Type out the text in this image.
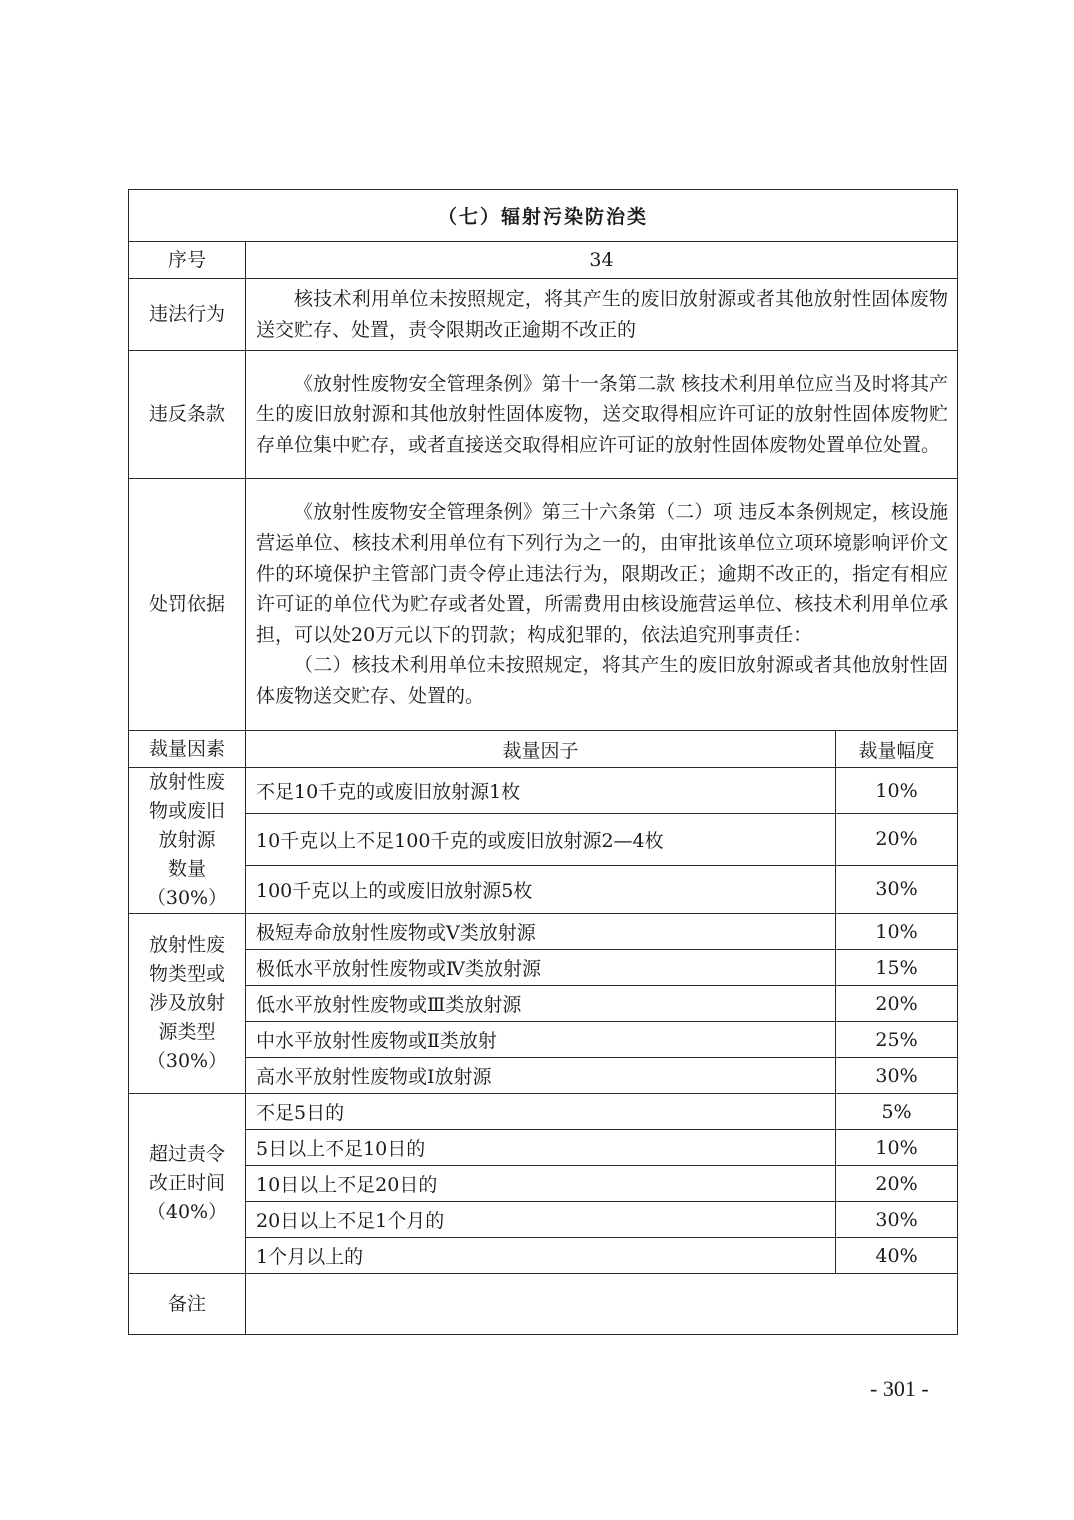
（七）辐射污染防治类		
序号	34	
违法行为	核技术利用单位未按照规定，将其产生的废旧放射源或者其他放射性固体废物送交贮存、处置，责令限期改正逾期不改正的	
违反条款	《放射性废物安全管理条例》第十一条第二款 核技术利用单位应当及时将其产生的废旧放射源和其他放射性固体废物，送交取得相应许可证的放射性固体废物贮存单位集中贮存，或者直接送交取得相应许可证的放射性固体废物处置单位处置。	
处罚依据	《放射性废物安全管理条例》第三十六条第（二）项 违反本条例规定，核设施营运单位、核技术利用单位有下列行为之一的，由审批该单位立项环境影响评价文件的环境保护主管部门责令停止违法行为，限期改正；逾期不改正的，指定有相应许可证的单位代为贮存或者处置，所需费用由核设施营运单位、核技术利用单位承担，可以处20万元以下的罚款；构成犯罪的，依法追究刑事责任：
（二）核技术利用单位未按照规定，将其产生的废旧放射源或者其他放射性固体废物送交贮存、处置的。	

裁量因素	裁量因子	裁量幅度

放射性废
物或废旧
放射源
数量
（30%）	不足10千克的或废旧放射源1枚	10%
	10千克以上不足100千克的或废旧放射源2—4枚	20%
	100千克以上的或废旧放射源5枚	30%

放射性废
物类型或
涉及放射
源类型
（30%）	极短寿命放射性废物或Ⅴ类放射源	10%
	极低水平放射性废物或Ⅳ类放射源	15%
	低水平放射性废物或Ⅲ类放射源	20%
	中水平放射性废物或Ⅱ类放射	25%
	高水平放射性废物或Ⅰ放射源	30%

超过责令
改正时间
（40%）	不足5日的	5%
	5日以上不足10日的	10%
	10日以上不足20日的	20%
	20日以上不足1个月的	30%
	1个月以上的	40%
备注		
- 301 -
